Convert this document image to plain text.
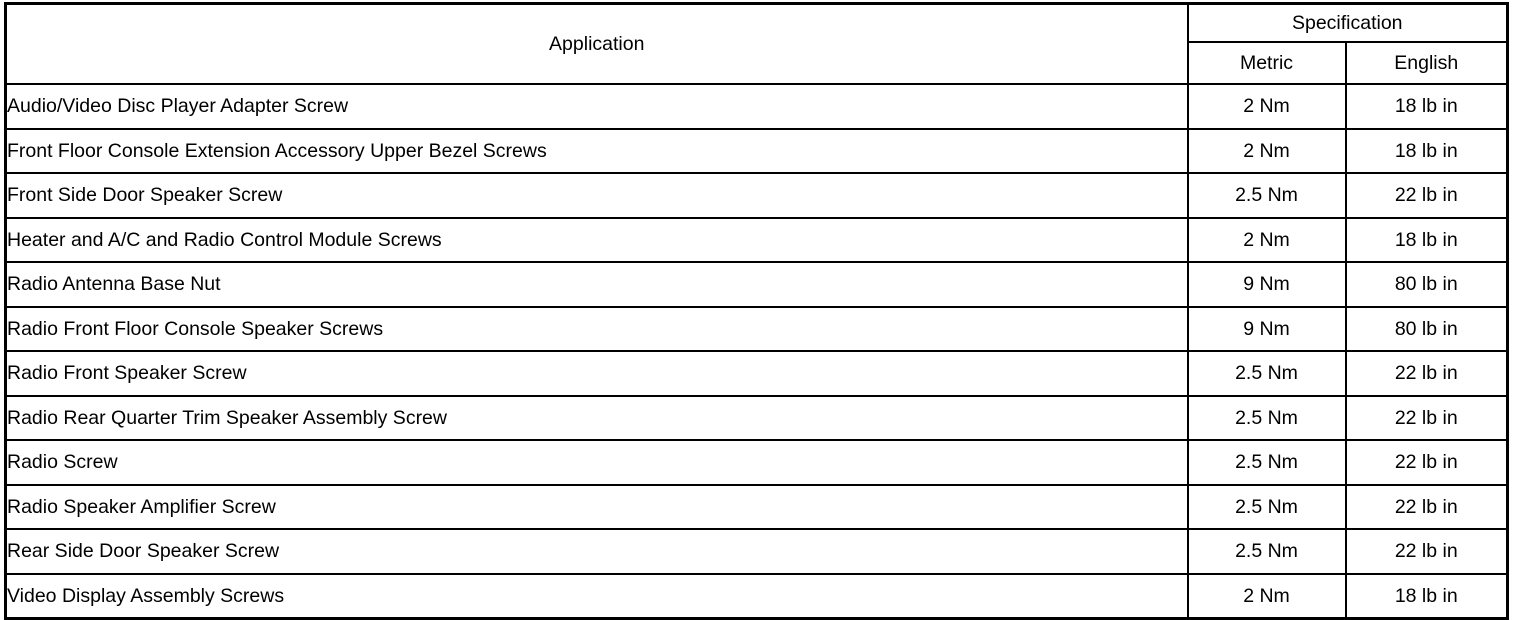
Application	Specification	
	Metric	English
Audio/Video Disc Player Adapter Screw	2 Nm	18 lb in
Front Floor Console Extension Accessory Upper Bezel Screws	2 Nm	18 lb in
Front Side Door Speaker Screw	2.5 Nm	22 lb in
Heater and A/C and Radio Control Module Screws	2 Nm	18 lb in
Radio Antenna Base Nut	9 Nm	80 lb in
Radio Front Floor Console Speaker Screws	9 Nm	80 lb in
Radio Front Speaker Screw	2.5 Nm	22 lb in
Radio Rear Quarter Trim Speaker Assembly Screw	2.5 Nm	22 lb in
Radio Screw	2.5 Nm	22 lb in
Radio Speaker Amplifier Screw	2.5 Nm	22 lb in
Rear Side Door Speaker Screw	2.5 Nm	22 lb in
Video Display Assembly Screws	2 Nm	18 lb in
